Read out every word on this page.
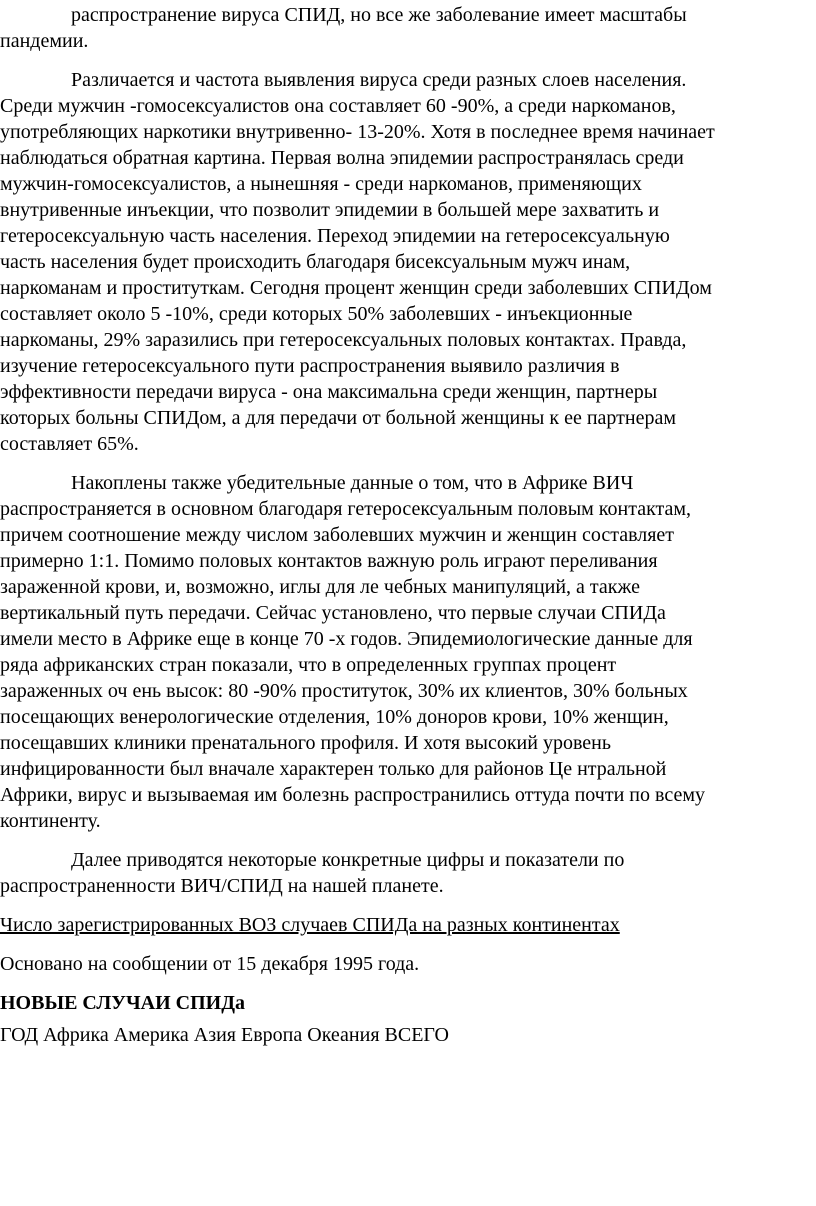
распространение вируса СПИД, но все же заболевание имеет масштабы
пандемии.
Различается и частота выявления вируса среди разных слоев населения.
Среди мужчин -гомосексуалистов она составляет 60 -90%, а среди наркоманов,
употребляющих наркотики внутривенно- 13-20%. Хотя в последнее время начинает
наблюдаться обратная картина. Первая волна эпидемии распространялась среди
мужчин-гомосексуалистов, а нынешняя - среди наркоманов, применяющих
внутривенные инъекции, что позволит эпидемии в большей мере захватить и
гетеросексуальную часть населения. Переход эпидемии на гетеросексуальную
часть населения будет происходить благодаря бисексуальным мужч инам,
наркоманам и проституткам. Сегодня процент женщин среди заболевших СПИДом
составляет около 5 -10%, среди которых 50% заболевших - инъекционные
наркоманы, 29% заразились при гетеросексуальных половых контактах. Правда,
изучение гетеросексуального пути распространения выявило различия в
эффективности передачи вируса - она максимальна среди женщин, партнеры
которых больны СПИДом, а для передачи от больной женщины к ее партнерам
составляет 65%.
Накоплены также убедительные данные о том, что в Африке ВИЧ
распространяется в основном благодаря гетеросексуальным половым контактам,
причем соотношение между числом заболевших мужчин и женщин составляет
примерно 1:1. Помимо половых контактов важную роль играют переливания
зараженной крови, и, возможно, иглы для ле чебных манипуляций, а также
вертикальный путь передачи. Сейчас установлено, что первые случаи СПИДа
имели место в Африке еще в конце 70 -х годов. Эпидемиологические данные для
ряда африканских стран показали, что в определенных группах процент
зараженных оч ень высок: 80 -90% проституток, 30% их клиентов, 30% больных
посещающих венерологические отделения, 10% доноров крови, 10% женщин,
посещавших клиники пренатального профиля. И хотя высокий уровень
инфицированности был вначале характерен только для районов Це нтральной
Африки, вирус и вызываемая им болезнь распространились оттуда почти по всему
континенту.
Далее приводятся некоторые конкретные цифры и показатели по
распространенности ВИЧ/СПИД на нашей планете.
Число зарегистрированных ВОЗ случаев СПИДа на разных континентах
Основано на сообщении от 15 декабря 1995 года.
НОВЫЕ СЛУЧАИ СПИДа
ГОД Африка Америка Азия Европа Океания ВСЕГО
